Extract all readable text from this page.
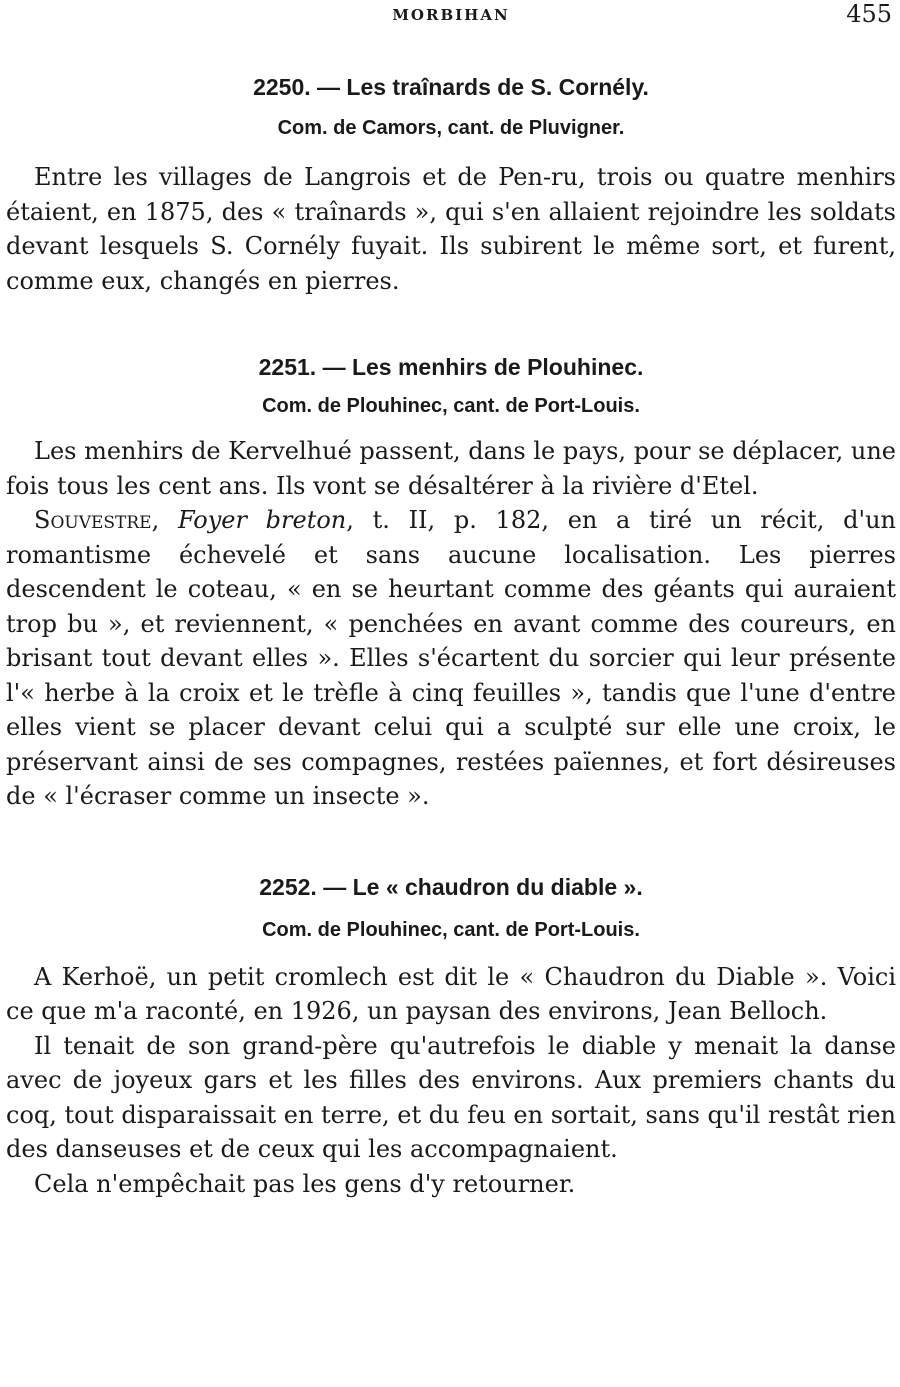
MORBIHAN	455
2250. — Les traînards de S. Cornély.

Com. de Camors, cant. de Pluvigner.

Entre les villages de Langrois et de Pen-ru, trois ou quatre menhirs étaient, en 1875, des « traînards », qui s'en allaient rejoindre les soldats devant lesquels S. Cornély fuyait. Ils subirent le même sort, et furent, comme eux, changés en pierres.

2251. — Les menhirs de Plouhinec.

Com. de Plouhinec, cant. de Port-Louis.

Les menhirs de Kervelhué passent, dans le pays, pour se déplacer, une fois tous les cent ans. Ils vont se désaltérer à la rivière d'Etel.

Souvestre, Foyer breton, t. II, p. 182, en a tiré un récit, d'un romantisme échevelé et sans aucune localisation. Les pierres descendent le coteau, « en se heurtant comme des géants qui auraient trop bu », et reviennent, « penchées en avant comme des coureurs, en brisant tout devant elles ». Elles s'écartent du sorcier qui leur présente l'« herbe à la croix et le trèfle à cinq feuilles », tandis que l'une d'entre elles vient se placer devant celui qui a sculpté sur elle une croix, le préservant ainsi de ses compagnes, restées païennes, et fort désireuses de « l'écraser comme un insecte ».

2252. — Le « chaudron du diable ».

Com. de Plouhinec, cant. de Port-Louis.

A Kerhoë, un petit cromlech est dit le « Chaudron du Diable ». Voici ce que m'a raconté, en 1926, un paysan des environs, Jean Belloch.

Il tenait de son grand-père qu'autrefois le diable y menait la danse avec de joyeux gars et les filles des environs. Aux premiers chants du coq, tout disparaissait en terre, et du feu en sortait, sans qu'il restât rien des danseuses et de ceux qui les accompagnaient.

Cela n'empêchait pas les gens d'y retourner.
